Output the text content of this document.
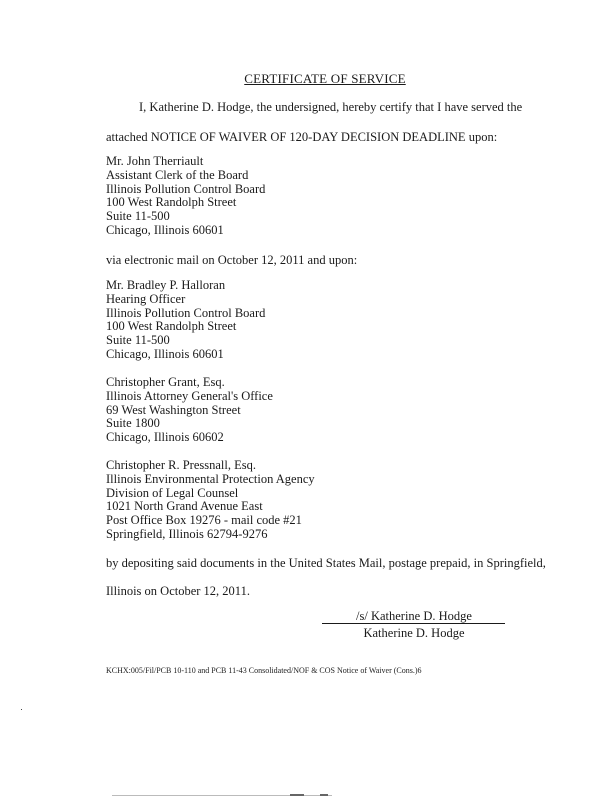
CERTIFICATE OF SERVICE
I, Katherine D. Hodge, the undersigned, hereby certify that I have served the
attached NOTICE OF WAIVER OF 120-DAY DECISION DEADLINE upon:
Mr. John Therriault
Assistant Clerk of the Board
Illinois Pollution Control Board
100 West Randolph Street
Suite 11-500
Chicago, Illinois 60601
via electronic mail on October 12, 2011 and upon:
Mr. Bradley P. Halloran
Hearing Officer
Illinois Pollution Control Board
100 West Randolph Street
Suite 11-500
Chicago, Illinois 60601
Christopher Grant, Esq.
Illinois Attorney General's Office
69 West Washington Street
Suite 1800
Chicago, Illinois 60602
Christopher R. Pressnall, Esq.
Illinois Environmental Protection Agency
Division of Legal Counsel
1021 North Grand Avenue East
Post Office Box 19276 - mail code #21
Springfield, Illinois 62794-9276
by depositing said documents in the United States Mail, postage prepaid, in Springfield,
Illinois on October 12, 2011.
/s/ Katherine D. Hodge
Katherine D. Hodge
KCHX:005/Fil/PCB 10-110 and PCB 11-43 Consolidated/NOF & COS Notice of Waiver (Cons.)6
